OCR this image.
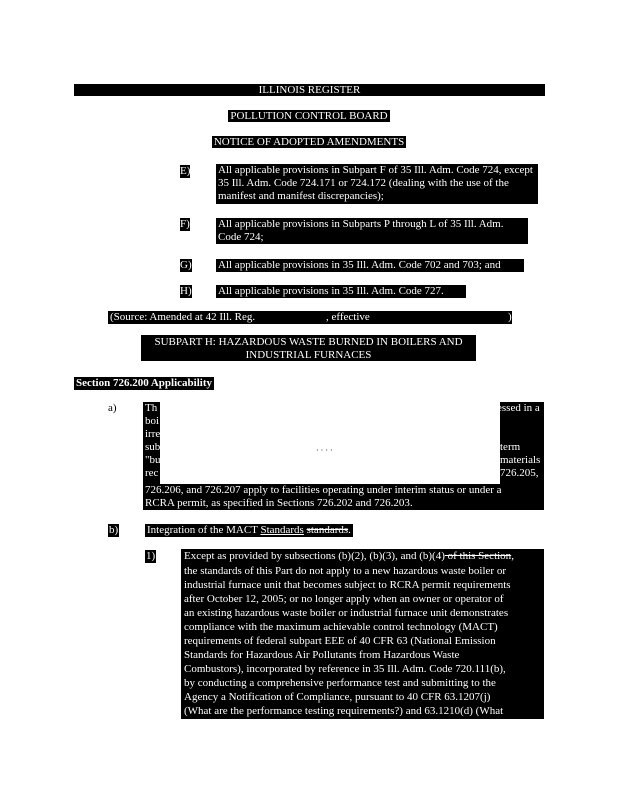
ILLINOIS REGISTER
POLLUTION CONTROL BOARD
NOTICE OF ADOPTED AMENDMENTS
E)	All applicable provisions in Subpart F of 35 Ill. Adm. Code 724, except 35 Ill. Adm. Code 724.171 or 724.172 (dealing with the use of the manifest and manifest discrepancies);
F)	All applicable provisions in Subparts P through L of 35 Ill. Adm. Code 724;
G) All applicable provisions in 35 Ill. Adm. Code 702 and 703; and
H) All applicable provisions in 35 Ill. Adm. Code 727.
(Source: Amended at 42 Ill. Reg.	, effective	)
SUBPART H: HAZARDOUS WASTE BURNED IN BOILERS AND
INDUSTRIAL FURNACES
Section 726.200 Applicability
a)	Th	essed in a
boi
irre
sub	term
"bu	materials
rec	726.205,
726.206, and 726.207 apply to facilities operating under interim status or under a
RCRA permit, as specified in Sections 726.202 and 726.203.
· · · ·
b)	Integration of the MACT Standards standards.
1)	Except as provided by subsections (b)(2), (b)(3), and (b)(4) of this Section,
the standards of this Part do not apply to a new hazardous waste boiler or
industrial furnace unit that becomes subject to RCRA permit requirements
after October 12, 2005; or no longer apply when an owner or operator of
an existing hazardous waste boiler or industrial furnace unit demonstrates
compliance with the maximum achievable control technology (MACT)
requirements of federal subpart EEE of 40 CFR 63 (National Emission
Standards for Hazardous Air Pollutants from Hazardous Waste
Combustors), incorporated by reference in 35 Ill. Adm. Code 720.111(b),
by conducting a comprehensive performance test and submitting to the
Agency a Notification of Compliance, pursuant to 40 CFR 63.1207(j)
(What are the performance testing requirements?) and 63.1210(d) (What
